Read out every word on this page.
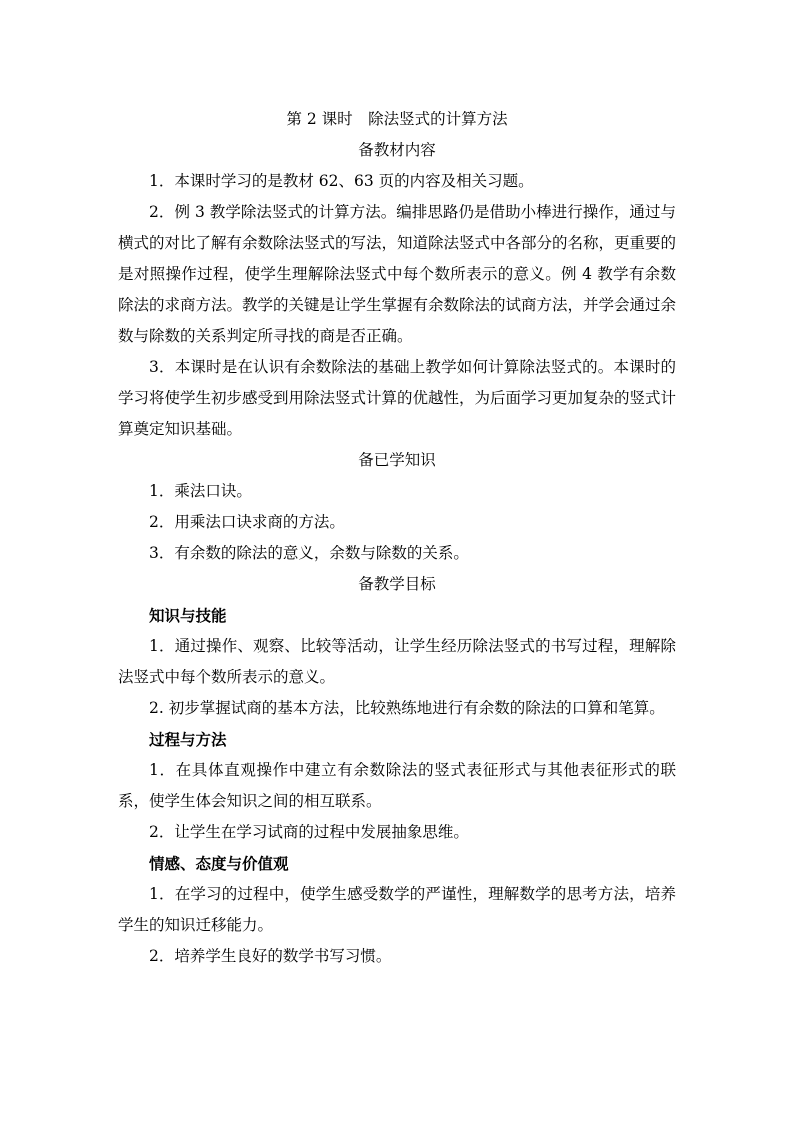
第 2 课时　除法竖式的计算方法
备教材内容
1．本课时学习的是教材 62、63 页的内容及相关习题。
2．例 3 教学除法竖式的计算方法。编排思路仍是借助小棒进行操作，通过与横式的对比了解有余数除法竖式的写法，知道除法竖式中各部分的名称，更重要的是对照操作过程，使学生理解除法竖式中每个数所表示的意义。例 4 教学有余数除法的求商方法。教学的关键是让学生掌握有余数除法的试商方法，并学会通过余数与除数的关系判定所寻找的商是否正确。
3．本课时是在认识有余数除法的基础上教学如何计算除法竖式的。本课时的学习将使学生初步感受到用除法竖式计算的优越性，为后面学习更加复杂的竖式计算奠定知识基础。
备已学知识
1．乘法口诀。
2．用乘法口诀求商的方法。
3．有余数的除法的意义，余数与除数的关系。
备教学目标
知识与技能
1．通过操作、观察、比较等活动，让学生经历除法竖式的书写过程，理解除法竖式中每个数所表示的意义。
2. 初步掌握试商的基本方法，比较熟练地进行有余数的除法的口算和笔算。
过程与方法
1．在具体直观操作中建立有余数除法的竖式表征形式与其他表征形式的联系，使学生体会知识之间的相互联系。
2．让学生在学习试商的过程中发展抽象思维。
情感、态度与价值观
1．在学习的过程中，使学生感受数学的严谨性，理解数学的思考方法，培养学生的知识迁移能力。
2．培养学生良好的数学书写习惯。
